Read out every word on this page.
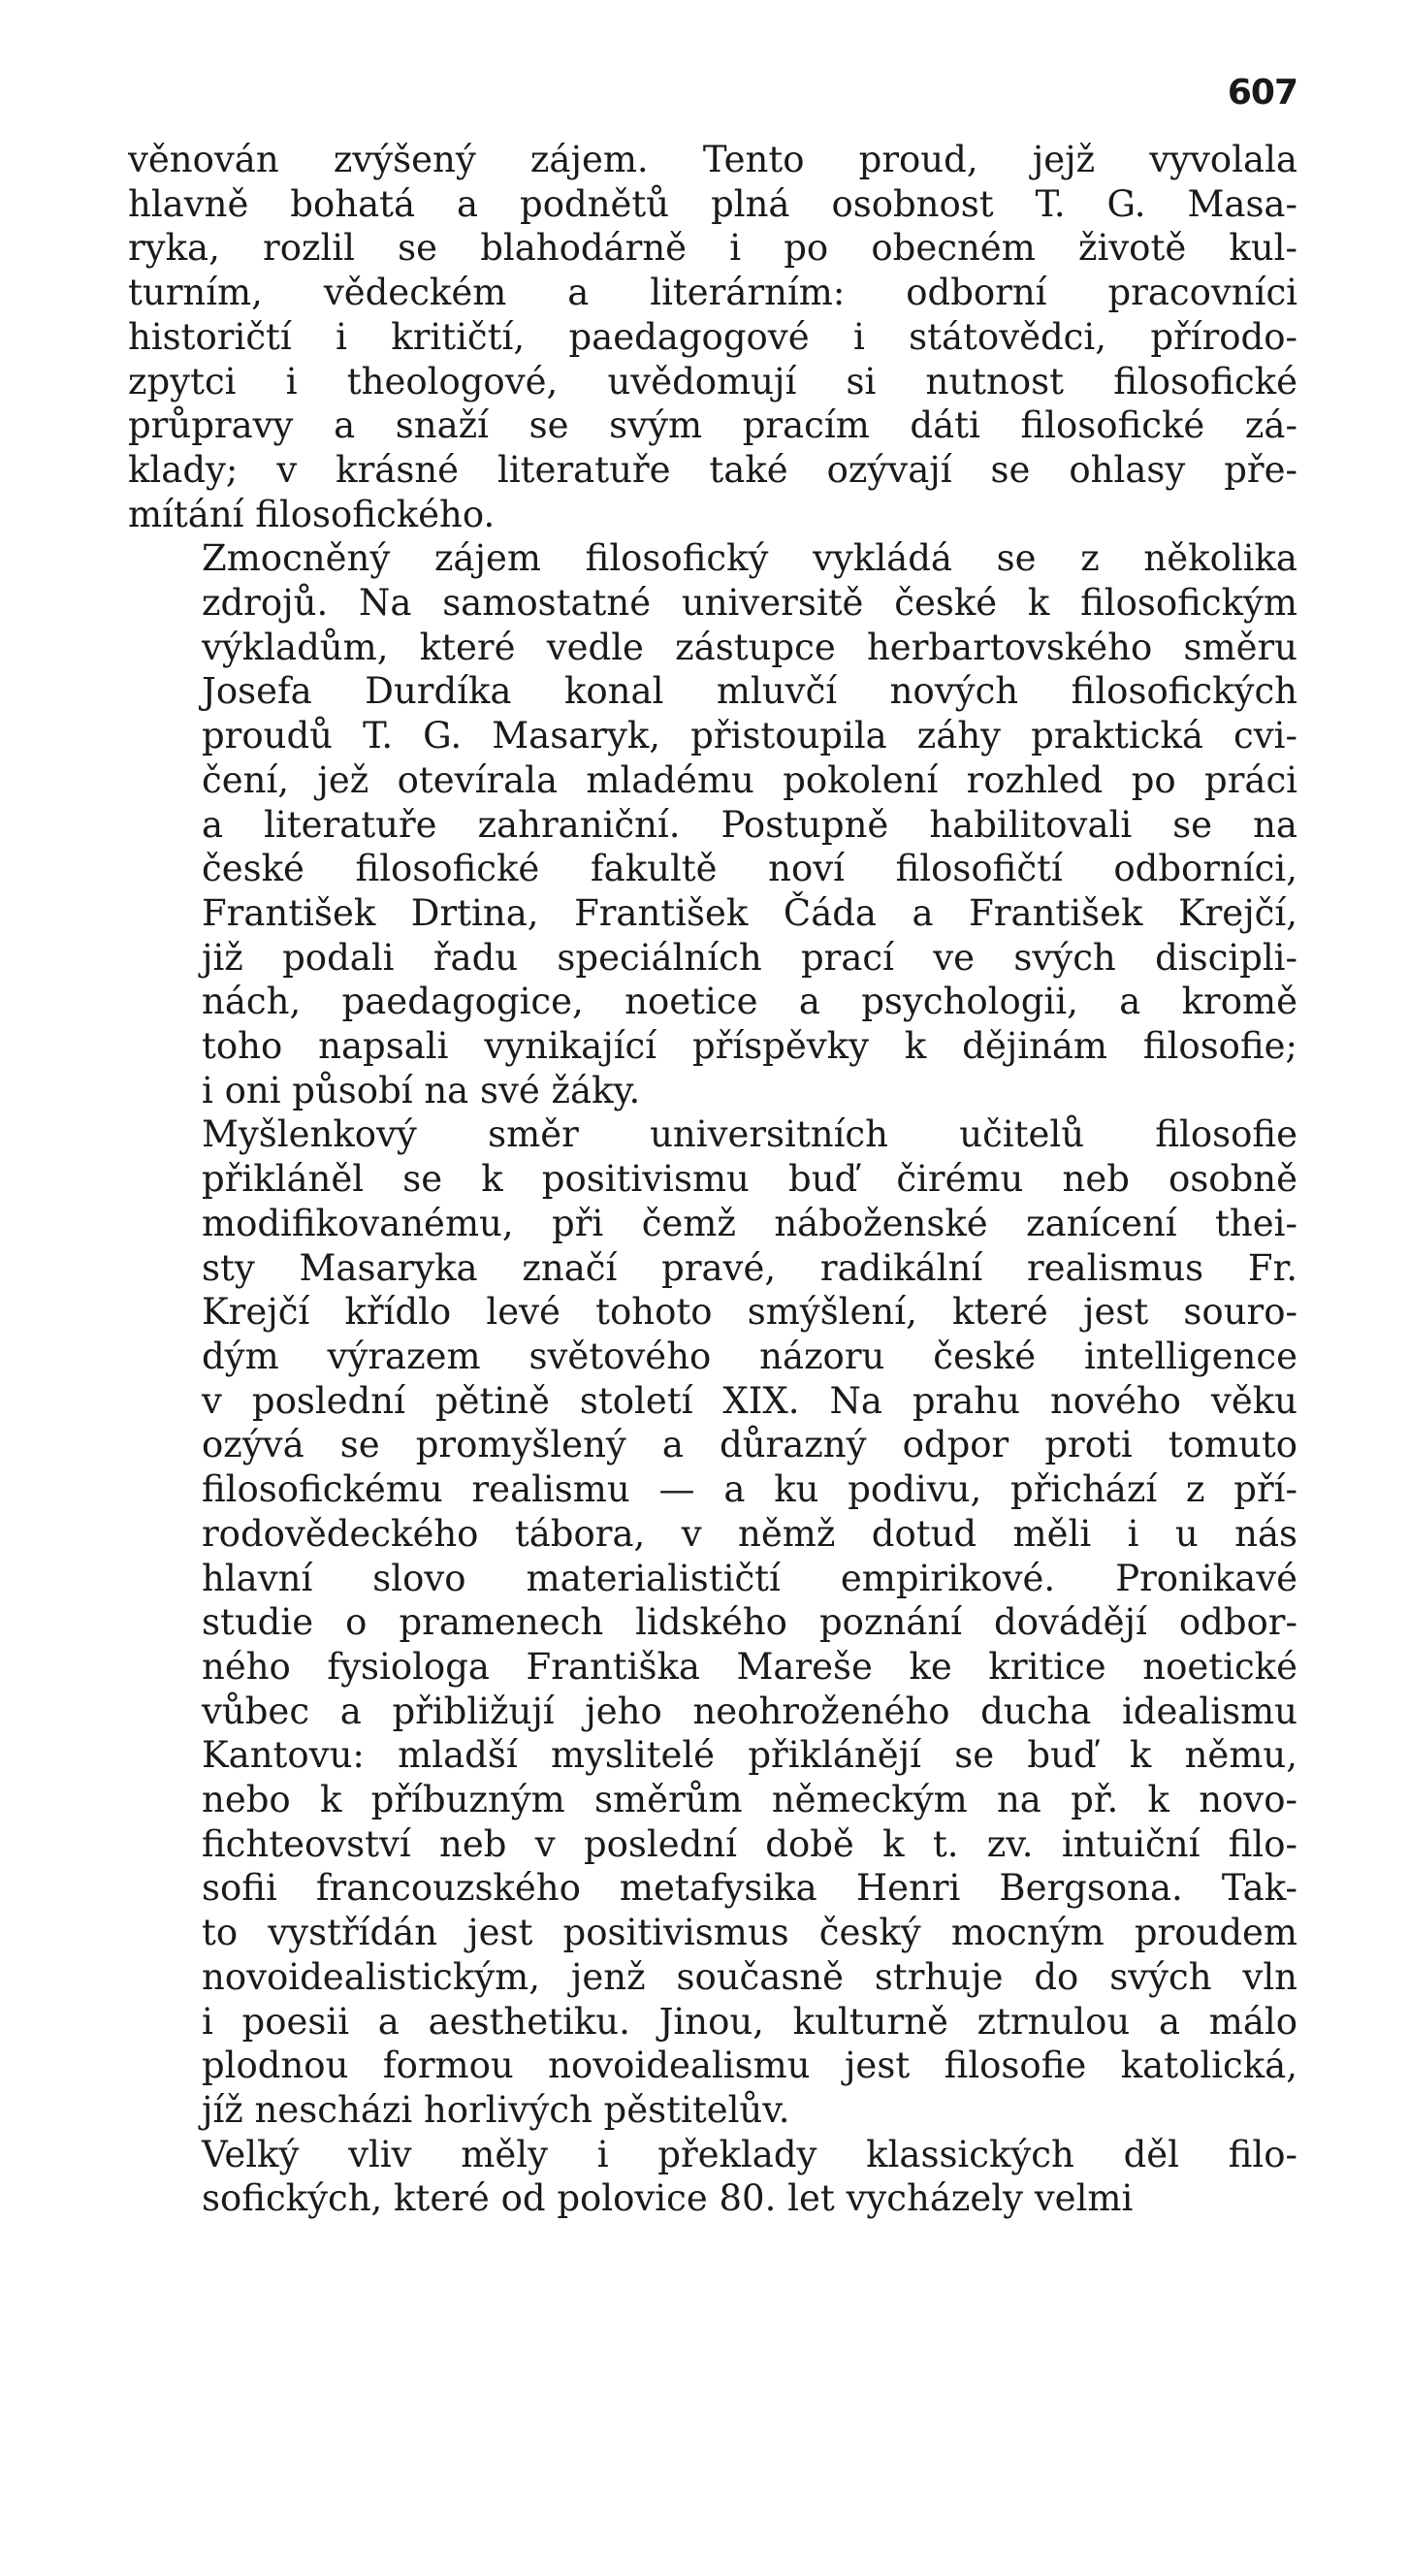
607

věnován zvýšený zájem. Tento proud, jejž vyvolala
hlavně bohatá a podnětů plná osobnost T. G. Masa-
ryka, rozlil se blahodárně i po obecném životě kul-
turním, vědeckém a literárním: odborní pracovníci
historičtí i kritičtí, paedagogové i státovědci, přírodo-
zpytci i theologové, uvědomují si nutnost filosofické
průpravy a snaží se svým pracím dáti filosofické zá-
klady; v krásné literatuře také ozývají se ohlasy pře-
mítání filosofického.

Zmocněný zájem filosofický vykládá se z několika
zdrojů. Na samostatné universitě české k filosofickým
výkladům, které vedle zástupce herbartovského směru
Josefa Durdíka konal mluvčí nových filosofických
proudů T. G. Masaryk, přistoupila záhy praktická cvi-
čení, jež otevírala mladému pokolení rozhled po práci
a literatuře zahraniční. Postupně habilitovali se na
české filosofické fakultě noví filosofičtí odborníci,
František Drtina, František Čáda a František Krejčí,
již podali řadu speciálních prací ve svých discipli-
nách, paedagogice, noetice a psychologii, a kromě
toho napsali vynikající příspěvky k dějinám filosofie;
i oni působí na své žáky.

Myšlenkový směr universitních učitelů filosofie
přikláněl se k positivismu buď čirému neb osobně
modifikovanému, při čemž náboženské zanícení thei-
sty Masaryka značí pravé, radikální realismus Fr.
Krejčí křídlo levé tohoto smýšlení, které jest souro-
dým výrazem světového názoru české intelligence
v poslední pětině století XIX. Na prahu nového věku
ozývá se promyšlený a důrazný odpor proti tomuto
filosofickému realismu — a ku podivu, přichází z pří-
rodovědeckého tábora, v němž dotud měli i u nás
hlavní slovo materialističtí empirikové. Pronikavé
studie o pramenech lidského poznání dovádějí odbor-
ného fysiologa Františka Mareše ke kritice noetické
vůbec a přibližují jeho neohroženého ducha idealismu
Kantovu: mladší myslitelé přiklánějí se buď k němu,
nebo k příbuzným směrům německým na př. k novo-
fichteovství neb v poslední době k t. zv. intuiční filo-
sofii francouzského metafysika Henri Bergsona. Tak-
to vystřídán jest positivismus český mocným proudem
novoidealistickým, jenž současně strhuje do svých vln
i poesii a aesthetiku. Jinou, kulturně ztrnulou a málo
plodnou formou novoidealismu jest filosofie katolická,
jíž nescházi horlivých pěstitelův.

Velký vliv měly i překlady klassických děl filo-
sofických, které od polovice 80. let vycházely velmi
